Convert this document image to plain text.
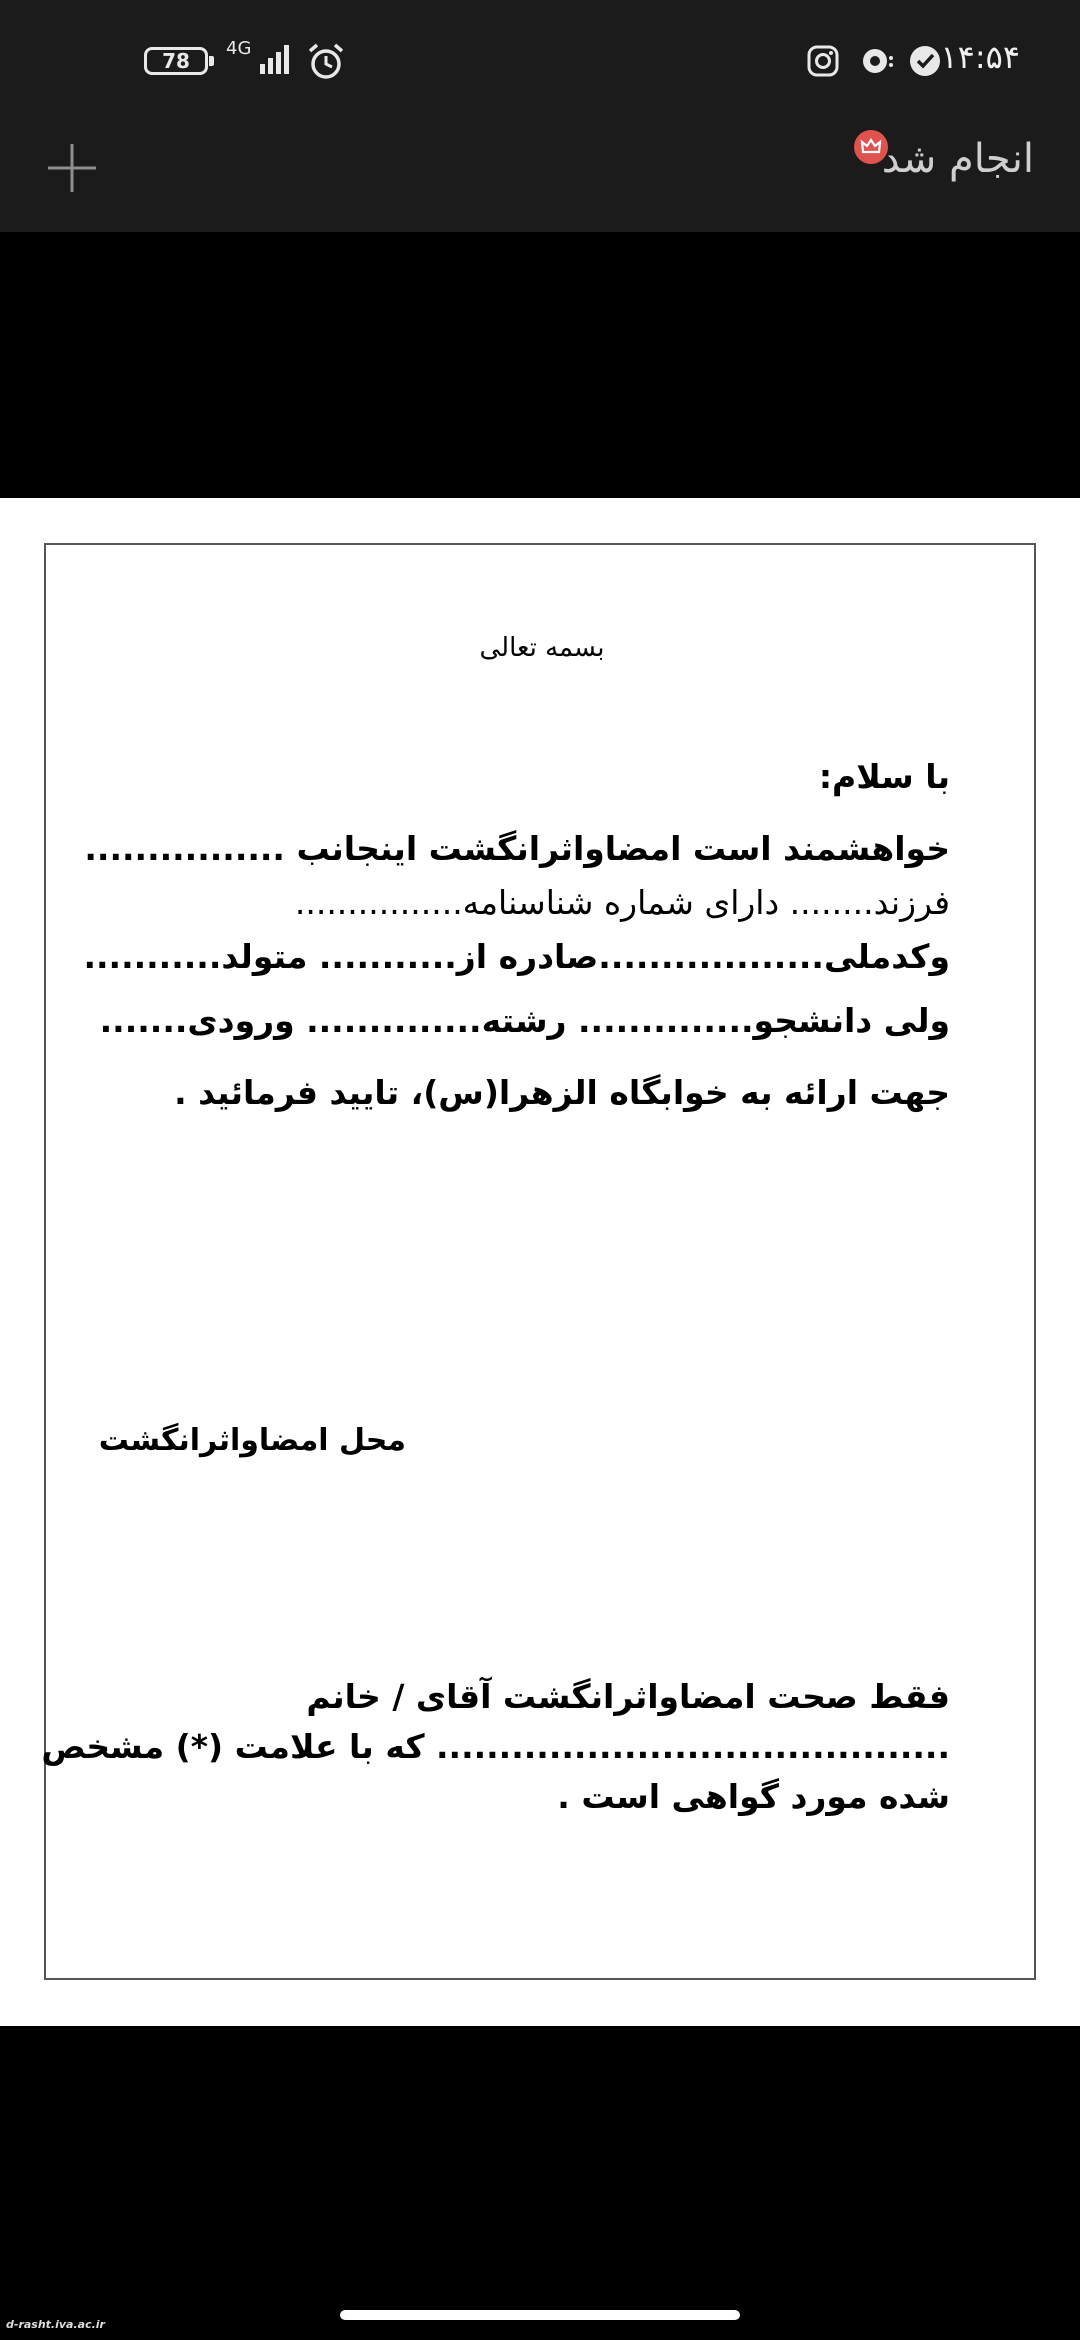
78
4G	۱۴:۵۴
انجام شد
بسمه تعالی
با سلام:
خواهشمند است امضاواثرانگشت اینجانب ................
فرزند........ دارای شماره شناسنامه................
وکدملی..................صادره از........... متولد...........
ولی دانشجو.............. رشته.............. ورودی.......
جهت ارائه به خوابگاه الزهرا(س)، تایید فرمائید .
محل امضاواثرانگشت
فقط صحت امضاواثرانگشت آقای / خانم
......................................... که با علامت (*) مشخص
شده مورد گواهی است .
d-rasht.iva.ac.ir
